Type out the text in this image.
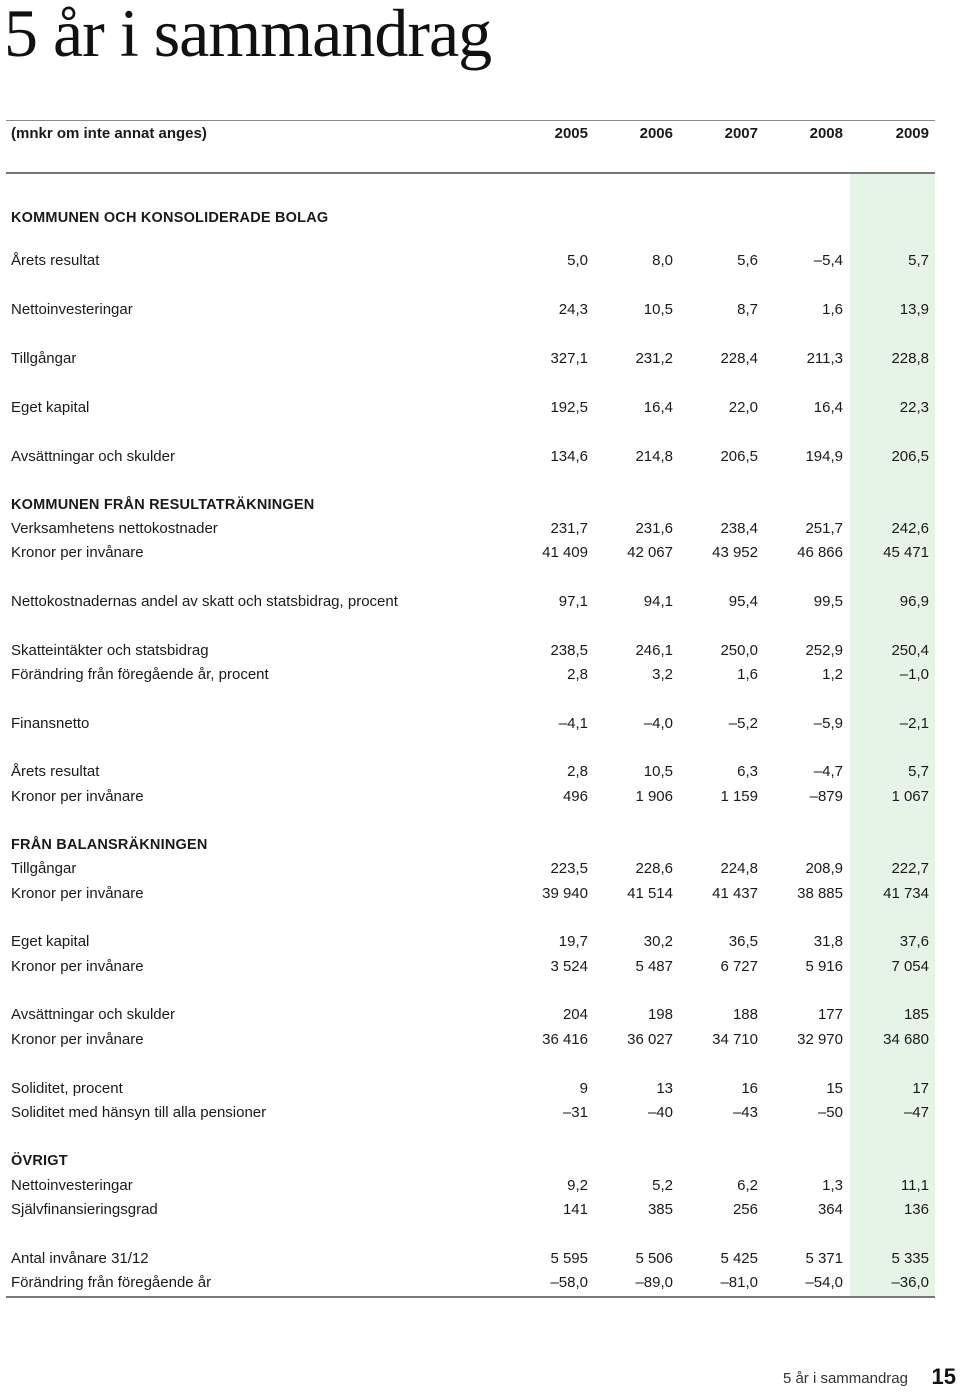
5 år i sammandrag
(mnkr om inte annat anges)	2005	2006	2007	2008	2009
KOMMUNEN OCH KONSOLIDERADE BOLAG
Årets resultat	5,0	8,0	5,6	–5,4	5,7
Nettoinvesteringar	24,3	10,5	8,7	1,6	13,9
Tillgångar	327,1	231,2	228,4	211,3	228,8
Eget kapital	192,5	16,4	22,0	16,4	22,3
Avsättningar och skulder	134,6	214,8	206,5	194,9	206,5
KOMMUNEN FRÅN RESULTATRÄKNINGEN
Verksamhetens nettokostnader	231,7	231,6	238,4	251,7	242,6
Kronor per invånare	41 409	42 067	43 952	46 866	45 471
Nettokostnadernas andel av skatt och statsbidrag, procent	97,1	94,1	95,4	99,5	96,9
Skatteintäkter och statsbidrag	238,5	246,1	250,0	252,9	250,4
Förändring från föregående år, procent	2,8	3,2	1,6	1,2	–1,0
Finansnetto	–4,1	–4,0	–5,2	–5,9	–2,1
Årets resultat	2,8	10,5	6,3	–4,7	5,7
Kronor per invånare	496	1 906	1 159	–879	1 067
FRÅN BALANSRÄKNINGEN
Tillgångar	223,5	228,6	224,8	208,9	222,7
Kronor per invånare	39 940	41 514	41 437	38 885	41 734
Eget kapital	19,7	30,2	36,5	31,8	37,6
Kronor per invånare	3 524	5 487	6 727	5 916	7 054
Avsättningar och skulder	204	198	188	177	185
Kronor per invånare	36 416	36 027	34 710	32 970	34 680
Soliditet, procent	9	13	16	15	17
Soliditet med hänsyn till alla pensioner	–31	–40	–43	–50	–47
ÖVRIGT
Nettoinvesteringar	9,2	5,2	6,2	1,3	11,1
Självfinansieringsgrad	141	385	256	364	136
Antal invånare 31/12	5 595	5 506	5 425	5 371	5 335
Förändring från föregående år	–58,0	–89,0	–81,0	–54,0	–36,0
5 år i sammandrag 15
